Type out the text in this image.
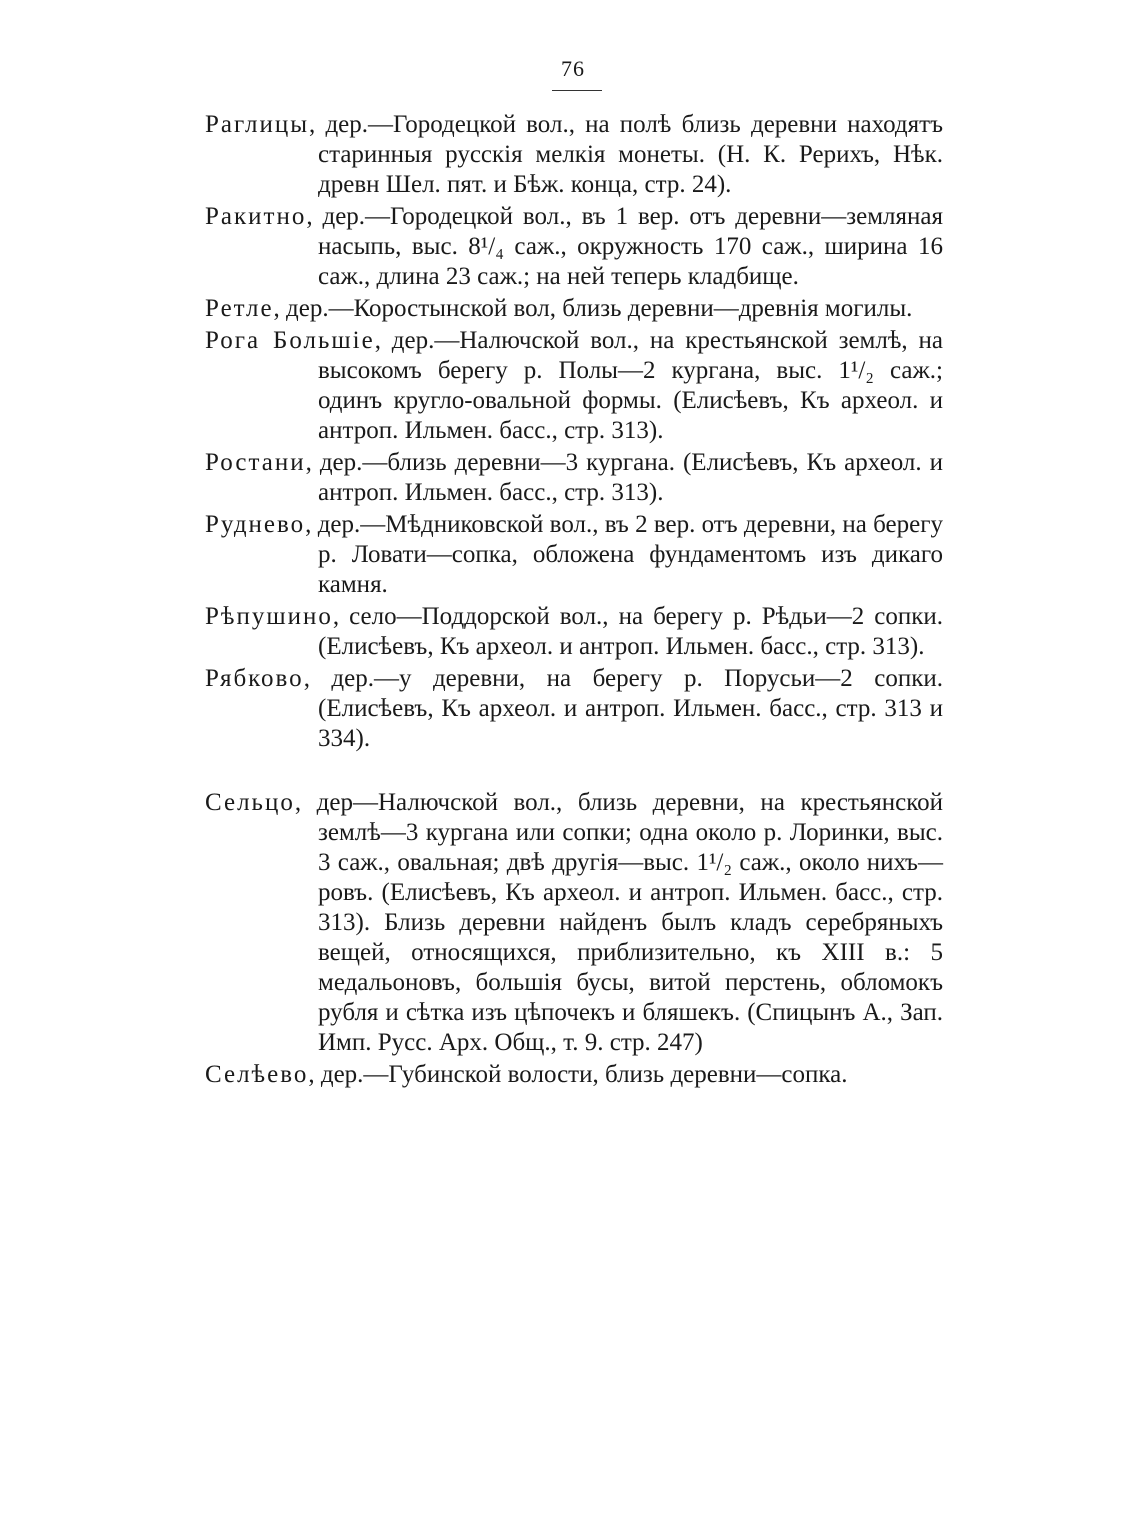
76

Раглицы, дер.—Городецкой вол., на полѣ близь деревни находятъ старинныя русскія мелкія монеты. (Н. К. Рерихъ, Нѣк. древн Шел. пят. и Бѣж. конца, стр. 24).

Ракитно, дер.—Городецкой вол., въ 1 вер. отъ деревни—земляная насыпь, выс. 8¹/₄ саж., окружность 170 саж., ширина 16 саж., длина 23 саж.; на ней теперь кладбище.

Ретле, дер.—Коростынской вол, близь деревни—древнія могилы.

Рога Большіе, дер.—Налючской вол., на крестьянской землѣ, на высокомъ берегу р. Полы—2 кургана, выс. 1¹/₂ саж.; одинъ кругло-овальной формы. (Елисѣевъ, Къ археол. и антроп. Ильмен. басс., стр. 313).

Ростани, дер.—близь деревни—3 кургана. (Елисѣевъ, Къ археол. и антроп. Ильмен. басс., стр. 313).

Руднево, дер.—Мѣдниковской вол., въ 2 вер. отъ деревни, на берегу р. Ловати—сопка, обложена фундаментомъ изъ дикаго камня.

Рѣпушино, село—Поддорской вол., на берегу р. Рѣдьи—2 сопки. (Елисѣевъ, Къ археол. и антроп. Ильмен. басс., стр. 313).

Рябково, дер.—у деревни, на берегу р. Порусьи—2 сопки. (Елисѣевъ, Къ археол. и антроп. Ильмен. басс., стр. 313 и 334).

Сельцо, дер—Налючской вол., близь деревни, на крестьянской землѣ—3 кургана или сопки; одна около р. Лоринки, выс. 3 саж., овальная; двѣ другія—выс. 1¹/₂ саж., около нихъ—ровъ. (Елисѣевъ, Къ археол. и антроп. Ильмен. басс., стр. 313). Близь деревни найденъ былъ кладъ серебряныхъ вещей, относящихся, приблизительно, къ XIII в.: 5 медальоновъ, большія бусы, витой перстень, обломокъ рубля и сѣтка изъ цѣпочекъ и бляшекъ. (Спицынъ А., Зап. Имп. Русс. Арх. Общ., т. 9. стр. 247)

Селѣево, дер.—Губинской волости, близь деревни—сопка.
